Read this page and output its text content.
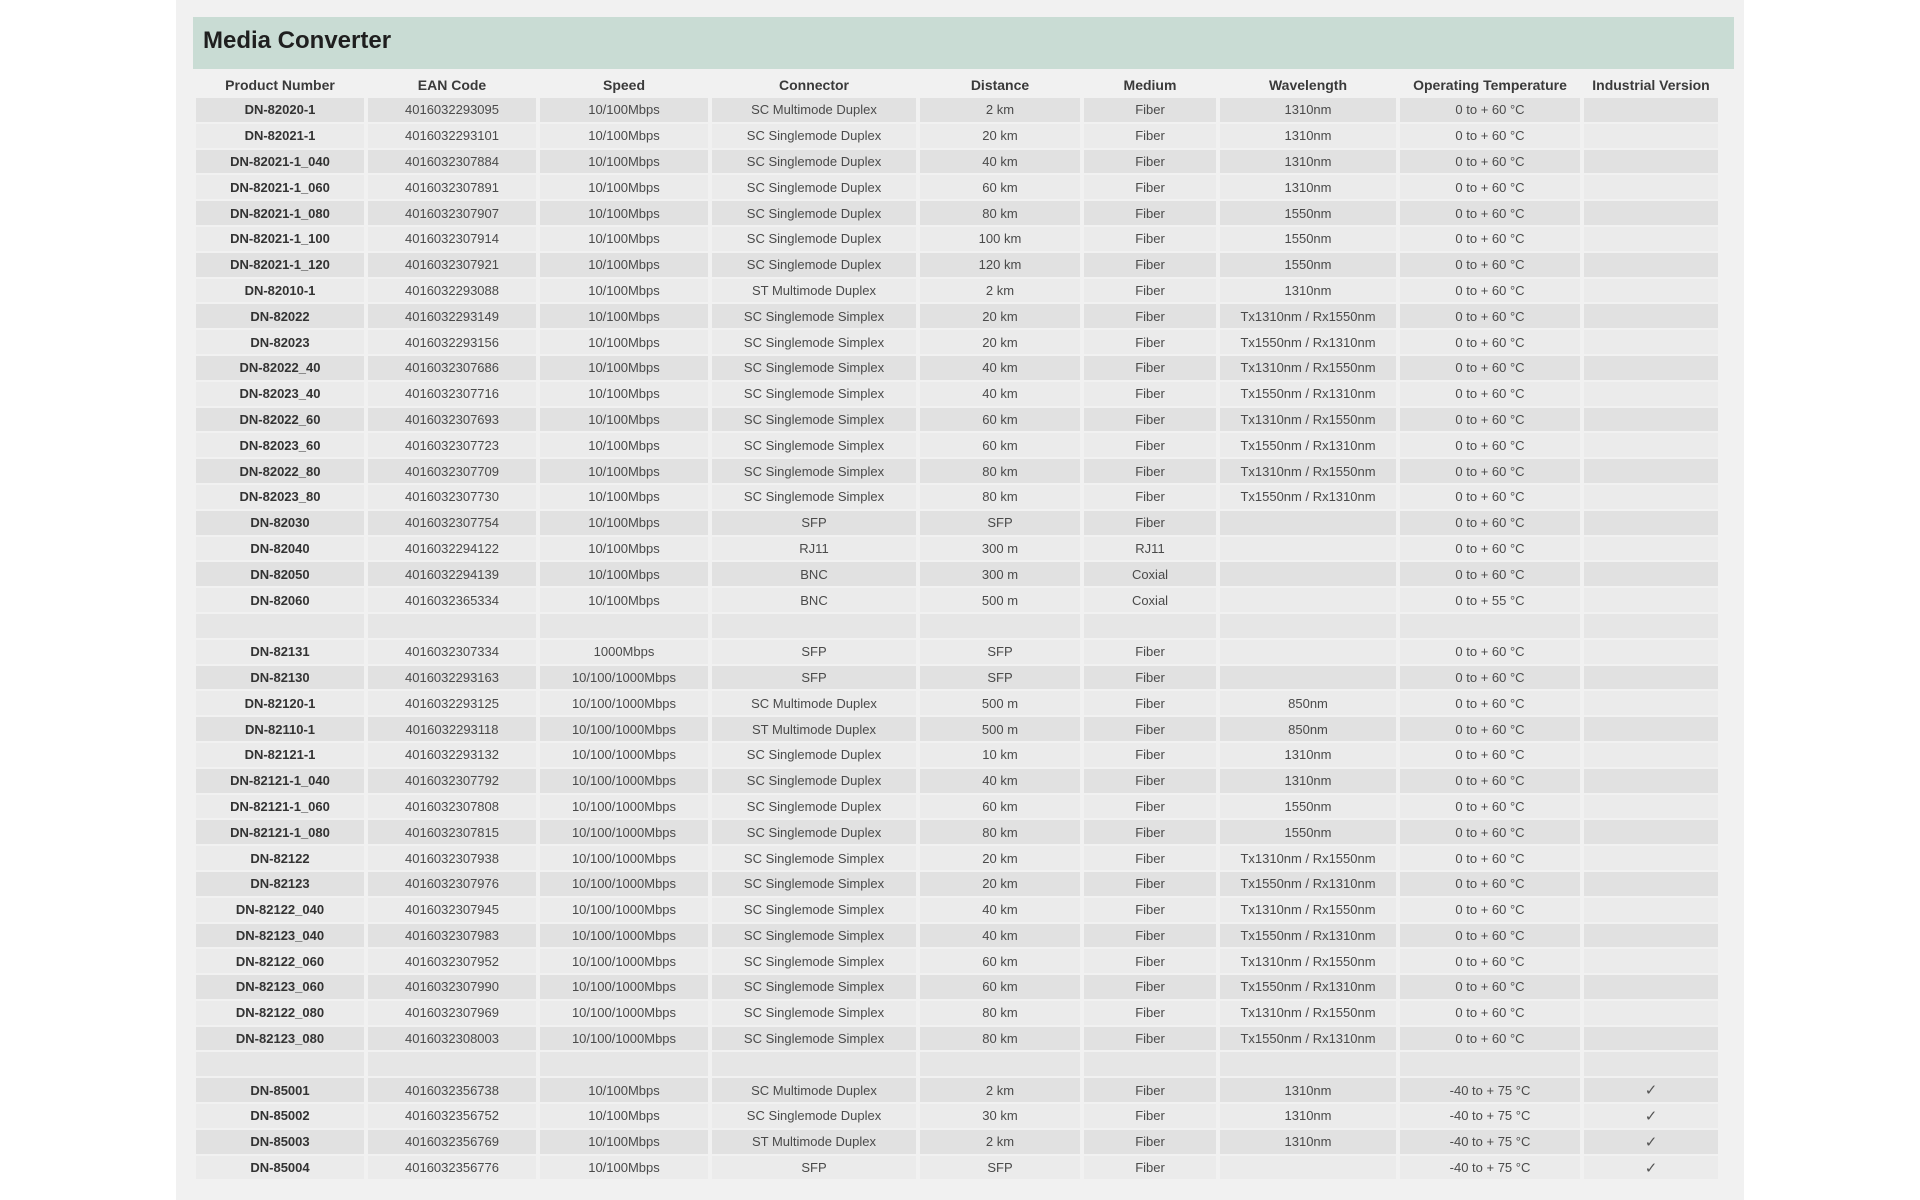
Media Converter
Product Number	EAN Code	Speed	Connector	Distance	Medium	Wavelength	Operating Temperature	Industrial Version
DN-82020-1	4016032293095	10/100Mbps	SC Multimode Duplex	2 km	Fiber	1310nm	0 to + 60 °C	
DN-82021-1	4016032293101	10/100Mbps	SC Singlemode Duplex	20 km	Fiber	1310nm	0 to + 60 °C	
DN-82021-1_040	4016032307884	10/100Mbps	SC Singlemode Duplex	40 km	Fiber	1310nm	0 to + 60 °C	
DN-82021-1_060	4016032307891	10/100Mbps	SC Singlemode Duplex	60 km	Fiber	1310nm	0 to + 60 °C	
DN-82021-1_080	4016032307907	10/100Mbps	SC Singlemode Duplex	80 km	Fiber	1550nm	0 to + 60 °C	
DN-82021-1_100	4016032307914	10/100Mbps	SC Singlemode Duplex	100 km	Fiber	1550nm	0 to + 60 °C	
DN-82021-1_120	4016032307921	10/100Mbps	SC Singlemode Duplex	120 km	Fiber	1550nm	0 to + 60 °C	
DN-82010-1	4016032293088	10/100Mbps	ST Multimode Duplex	2 km	Fiber	1310nm	0 to + 60 °C	
DN-82022	4016032293149	10/100Mbps	SC Singlemode Simplex	20 km	Fiber	Tx1310nm / Rx1550nm	0 to + 60 °C	
DN-82023	4016032293156	10/100Mbps	SC Singlemode Simplex	20 km	Fiber	Tx1550nm / Rx1310nm	0 to + 60 °C	
DN-82022_40	4016032307686	10/100Mbps	SC Singlemode Simplex	40 km	Fiber	Tx1310nm / Rx1550nm	0 to + 60 °C	
DN-82023_40	4016032307716	10/100Mbps	SC Singlemode Simplex	40 km	Fiber	Tx1550nm / Rx1310nm	0 to + 60 °C	
DN-82022_60	4016032307693	10/100Mbps	SC Singlemode Simplex	60 km	Fiber	Tx1310nm / Rx1550nm	0 to + 60 °C	
DN-82023_60	4016032307723	10/100Mbps	SC Singlemode Simplex	60 km	Fiber	Tx1550nm / Rx1310nm	0 to + 60 °C	
DN-82022_80	4016032307709	10/100Mbps	SC Singlemode Simplex	80 km	Fiber	Tx1310nm / Rx1550nm	0 to + 60 °C	
DN-82023_80	4016032307730	10/100Mbps	SC Singlemode Simplex	80 km	Fiber	Tx1550nm / Rx1310nm	0 to + 60 °C	
DN-82030	4016032307754	10/100Mbps	SFP	SFP	Fiber		0 to + 60 °C	
DN-82040	4016032294122	10/100Mbps	RJ11	300 m	RJ11		0 to + 60 °C	
DN-82050	4016032294139	10/100Mbps	BNC	300 m	Coxial		0 to + 60 °C	
DN-82060	4016032365334	10/100Mbps	BNC	500 m	Coxial		0 to + 55 °C	

DN-82131	4016032307334	1000Mbps	SFP	SFP	Fiber		0 to + 60 °C	
DN-82130	4016032293163	10/100/1000Mbps	SFP	SFP	Fiber		0 to + 60 °C	
DN-82120-1	4016032293125	10/100/1000Mbps	SC Multimode Duplex	500 m	Fiber	850nm	0 to + 60 °C	
DN-82110-1	4016032293118	10/100/1000Mbps	ST Multimode Duplex	500 m	Fiber	850nm	0 to + 60 °C	
DN-82121-1	4016032293132	10/100/1000Mbps	SC Singlemode Duplex	10 km	Fiber	1310nm	0 to + 60 °C	
DN-82121-1_040	4016032307792	10/100/1000Mbps	SC Singlemode Duplex	40 km	Fiber	1310nm	0 to + 60 °C	
DN-82121-1_060	4016032307808	10/100/1000Mbps	SC Singlemode Duplex	60 km	Fiber	1550nm	0 to + 60 °C	
DN-82121-1_080	4016032307815	10/100/1000Mbps	SC Singlemode Duplex	80 km	Fiber	1550nm	0 to + 60 °C	
DN-82122	4016032307938	10/100/1000Mbps	SC Singlemode Simplex	20 km	Fiber	Tx1310nm / Rx1550nm	0 to + 60 °C	
DN-82123	4016032307976	10/100/1000Mbps	SC Singlemode Simplex	20 km	Fiber	Tx1550nm / Rx1310nm	0 to + 60 °C	
DN-82122_040	4016032307945	10/100/1000Mbps	SC Singlemode Simplex	40 km	Fiber	Tx1310nm / Rx1550nm	0 to + 60 °C	
DN-82123_040	4016032307983	10/100/1000Mbps	SC Singlemode Simplex	40 km	Fiber	Tx1550nm / Rx1310nm	0 to + 60 °C	
DN-82122_060	4016032307952	10/100/1000Mbps	SC Singlemode Simplex	60 km	Fiber	Tx1310nm / Rx1550nm	0 to + 60 °C	
DN-82123_060	4016032307990	10/100/1000Mbps	SC Singlemode Simplex	60 km	Fiber	Tx1550nm / Rx1310nm	0 to + 60 °C	
DN-82122_080	4016032307969	10/100/1000Mbps	SC Singlemode Simplex	80 km	Fiber	Tx1310nm / Rx1550nm	0 to + 60 °C	
DN-82123_080	4016032308003	10/100/1000Mbps	SC Singlemode Simplex	80 km	Fiber	Tx1550nm / Rx1310nm	0 to + 60 °C	

DN-85001	4016032356738	10/100Mbps	SC Multimode Duplex	2 km	Fiber	1310nm	-40 to + 75 °C	✓
DN-85002	4016032356752	10/100Mbps	SC Singlemode Duplex	30 km	Fiber	1310nm	-40 to + 75 °C	✓
DN-85003	4016032356769	10/100Mbps	ST Multimode Duplex	2 km	Fiber	1310nm	-40 to + 75 °C	✓
DN-85004	4016032356776	10/100Mbps	SFP	SFP	Fiber		-40 to + 75 °C	✓
